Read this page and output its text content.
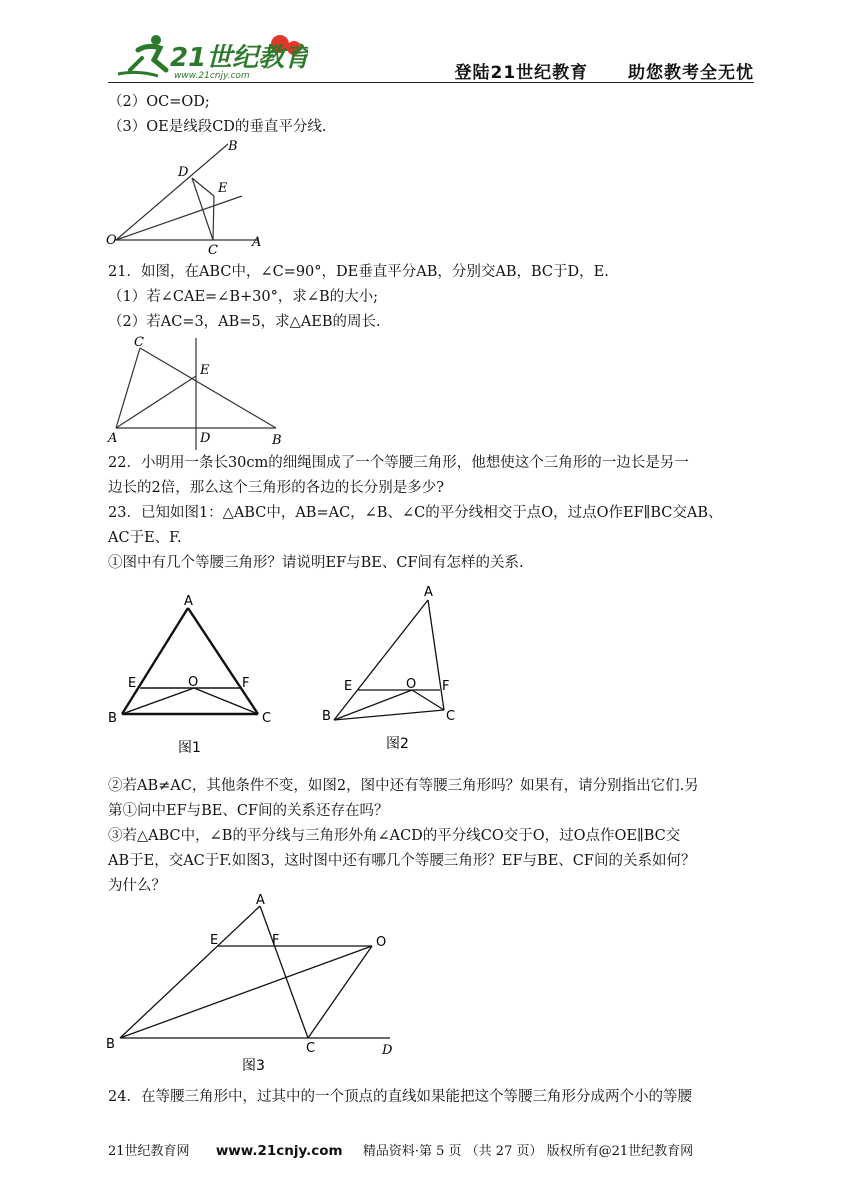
21世纪教育
www.21cnjy.com	登陆21世纪教育 助您教考全无忧
（2）OC=OD;
（3）OE是线段CD的垂直平分线.
B
D
E
O
C
A
21．如图，在ABC中，∠C=90°，DE垂直平分AB，分别交AB，BC于D，E.
（1）若∠CAE=∠B+30°，求∠B的大小;
（2）若AC=3，AB=5，求△AEB的周长.
C
E
A	D	B
22．小明用一条长30cm的细绳围成了一个等腰三角形，他想使这个三角形的一边长是另一
边长的2倍，那么这个三角形的各边的长分别是多少?
23．已知如图1：△ABC中，AB=AC，∠B、∠C的平分线相交于点O，过点O作EF∥BC交AB、
AC于E、F.
①图中有几个等腰三角形？请说明EF与BE、CF间有怎样的关系.
A
E	O	F
B	C
图1
A
E	O F
B	C
图2
②若AB≠AC，其他条件不变，如图2，图中还有等腰三角形吗？如果有，请分别指出它们.另
第①问中EF与BE、CF间的关系还存在吗？
③若△ABC中，∠B的平分线与三角形外角∠ACD的平分线CO交于O，过O点作OE∥BC交
AB于E，交AC于F.如图3，这时图中还有哪几个等腰三角形？EF与BE、CF间的关系如何？
为什么？
A
E	F	O
B	C	D
图3
24．在等腰三角形中，过其中的一个顶点的直线如果能把这个等腰三角形分成两个小的等腰
21世纪教育网 www.21cnjy.com 精品资料·第 5 页 （共 27 页） 版权所有@21世纪教育网
